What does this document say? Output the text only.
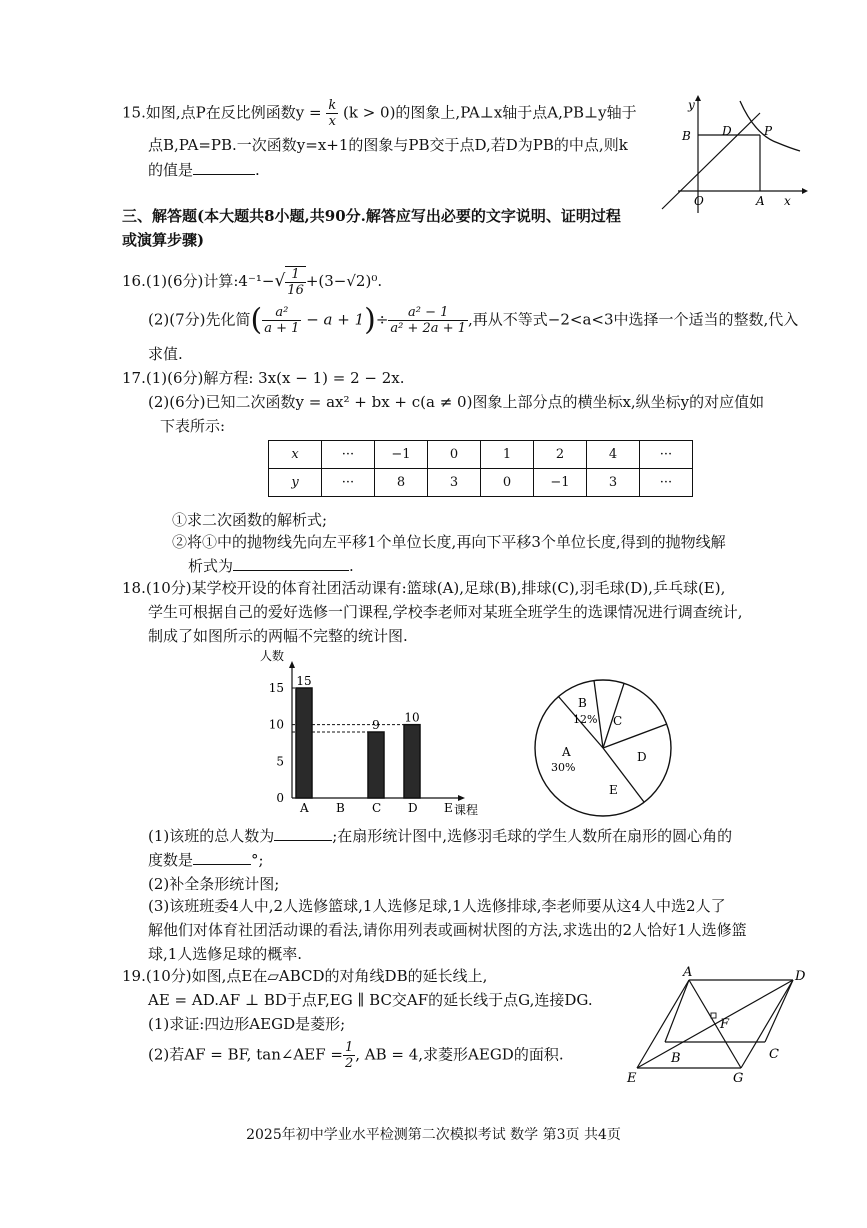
15.如图,点P在反比例函数$y = \frac{k}{x} (k > 0)$的图象上,PA⊥x轴于点A,PB⊥y轴于
点B,PA=PB.一次函数y=x+1的图象与PB交于点D,若D为PB的中点,则k
的值是	.
y
B	D	P
O	A x
三、解答题(本大题共8小题,共90分.解答应写出必要的文字说明、证明过程
或演算步骤)
16.(1)(6分)计算:4⁻¹−√ $\frac{1}{16} +(3-√2)^0$.
(2)(7分)先化简( $\frac{\text{a²}}{a + 1} - a + 1)\div \frac{\text{a² − 1}}{\text{a² + 2a + 1}}$ ,再从不等式−2<a<3中选择一个适当的整数,代入
求值.
17.(1)(6分)解方程: 3x(x − 1) = 2 − 2x.
(2)(6分)已知二次函数y = ax² + bx + c(a ≠ 0)图象上部分点的横坐标x,纵坐标y的对应值如
下表所示:
x	···	−1	0	1	2	4	···
y	···	8	3	0	−1	3	···
①求二次函数的解析式;
②将①中的抛物线先向左平移1个单位长度,再向下平移3个单位长度,得到的抛物线解
析式为	.
18.(10分)某学校开设的体育社团活动课有:篮球(A),足球(B),排球(C),羽毛球(D),乒乓球(E),
学生可根据自己的爱好选修一门课程,学校李老师对某班全班学生的选课情况进行调查统计,
制成了如图所示的两幅不完整的统计图.
人数
课程
0
5
10
15 15
9
10
A B C D E
B
12% C
D
E
A
30%
(1)该班的总人数为	;在扇形统计图中,选修羽毛球的学生人数所在扇形的圆心角的
度数是	°;
(2)补全条形统计图;
(3)该班班委4人中,2人选修篮球,1人选修足球,1人选修排球,李老师要从这4人中选2人了
解他们对体育社团活动课的看法,请你用列表或画树状图的方法,求选出的2人恰好1人选修篮
球,1人选修足球的概率.
19.(10分)如图,点E在▱ABCD的对角线DB的延长线上,
AE = AD.AF ⊥ BD于点F,EG ∥ BC交AF的延长线于点G,连接DG.
(1)求证:四边形AEGD是菱形;
(2)若AF = BF, tan∠AEF = $\frac{1}{2}$ , AB = 4,求菱形AEGD的面积.
A	D
F
B	C
E	G
2025年初中学业水平检测第二次模拟考试 数学 第3页 共4页
